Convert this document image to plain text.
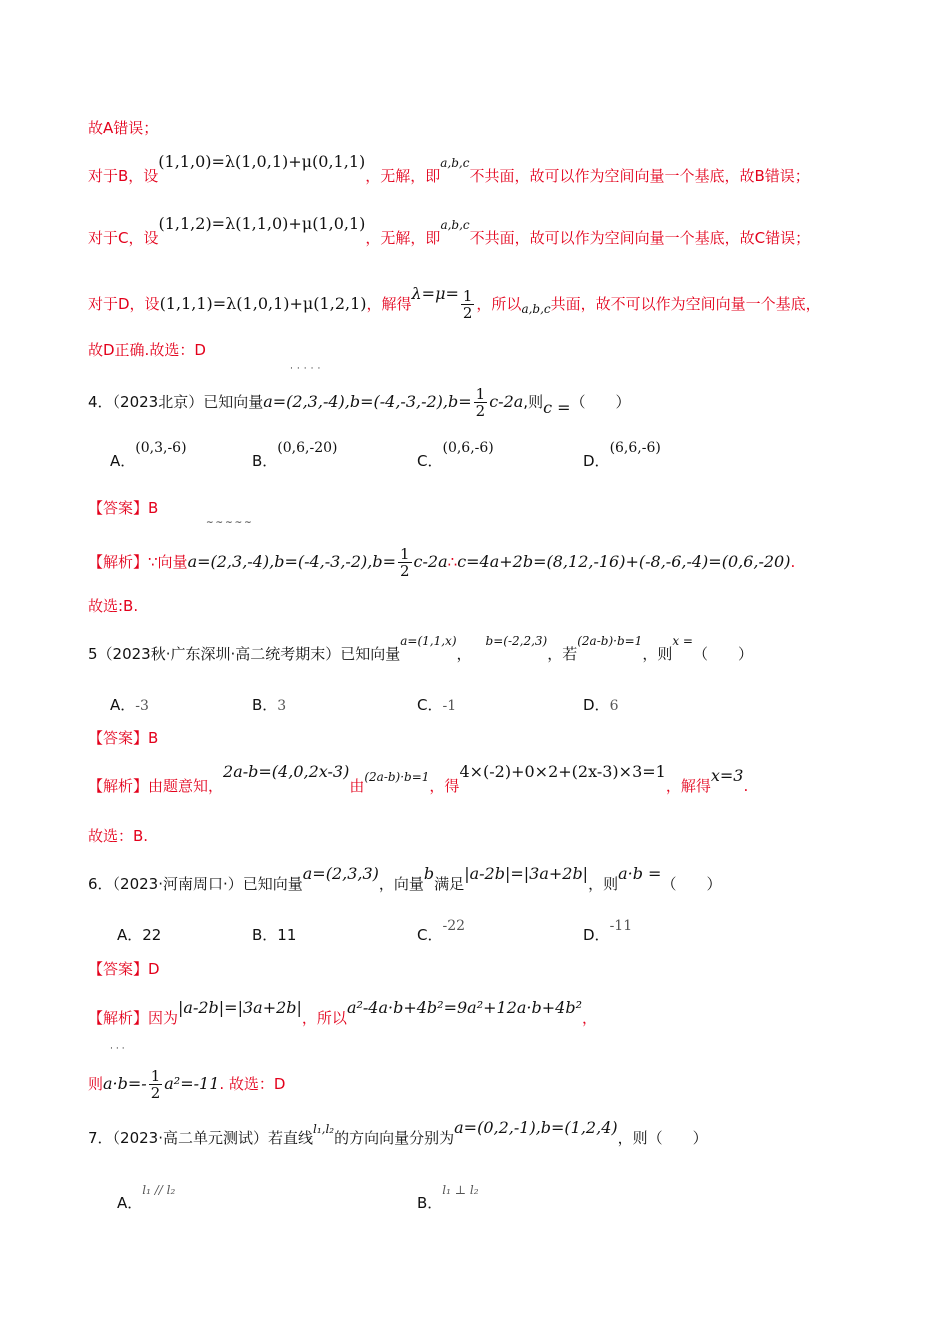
故A错误；
对于B，设(1,1,0)=λ(1,0,1)+μ(0,1,1)，无解，即$^{a,b,c}$不共面，故可以作为空间向量一个基底，故B错误；
对于C，设(1,1,2)=λ(1,1,0)+μ(1,0,1)，无解，即$^{a,b,c}$不共面，故可以作为空间向量一个基底，故C错误；
对于D，设(1,1,1)=λ(1,0,1)+μ(1,2,1)，解得$\lambda=\mu= \frac{1}{2}$ ，所以$_{a,b,c}$共面，故不可以作为空间向量一个基底，
故D正确.故选：D
·····
4．（2023北京）已知向量$a=(2,3,-4),b=(-4,-3,-2),b= \frac{1}{2} c-2a$,则c =（　　）
A．(0,3,-6)
B．(0,6,-20)
C．(0,6,-6)
D．(6,6,-6)
【答案】B
~~~~~
【解析】∵向量$a=(2,3,-4),b=(-4,-3,-2),b= \frac{1}{2}$ c-2a∴c=4a+2b=(8,12,-16)+(-8,-6,-4)=(0,6,-20).
故选:B.
5（2023秋·广东深圳·高二统考期末）已知向量$^{a=(1,1,x)}$，$^{b=(-2,2,3)}$，若$^{(2a-b)\cdot b=1}$，则$^{x =}$（　　）
A．-3	B．3	C．-1	D．6
【答案】B
【解析】由题意知，2a-b=(4,0,2x-3)由$^{(2a-b)\cdot b=1}$，得4×(-2)+0×2+(2x-3)×3=1，解得x=3.
故选：B.
6．（2023·河南周口·）已知向量a=(2,3,3)，向量b满足|a-2b|=|3a+2b|，则a·b =（　　）
A．22	B．11	C．-22	D．-11
【答案】D
【解析】因为|a-2b|=|3a+2b|，所以a²-4a·b+4b²=9a²+12a·b+4b²，
···
则$a\cdot b=- \frac{1}{2} a^2=-11$. 故选：D
7．（2023·高二单元测试）若直线$^{l_1,l_2}$的方向向量分别为a=(0,2,-1),b=(1,2,4)，则（　　）
A．$^{l_1 // l_2}$
B．$^{l_1 \perp l_2}$
